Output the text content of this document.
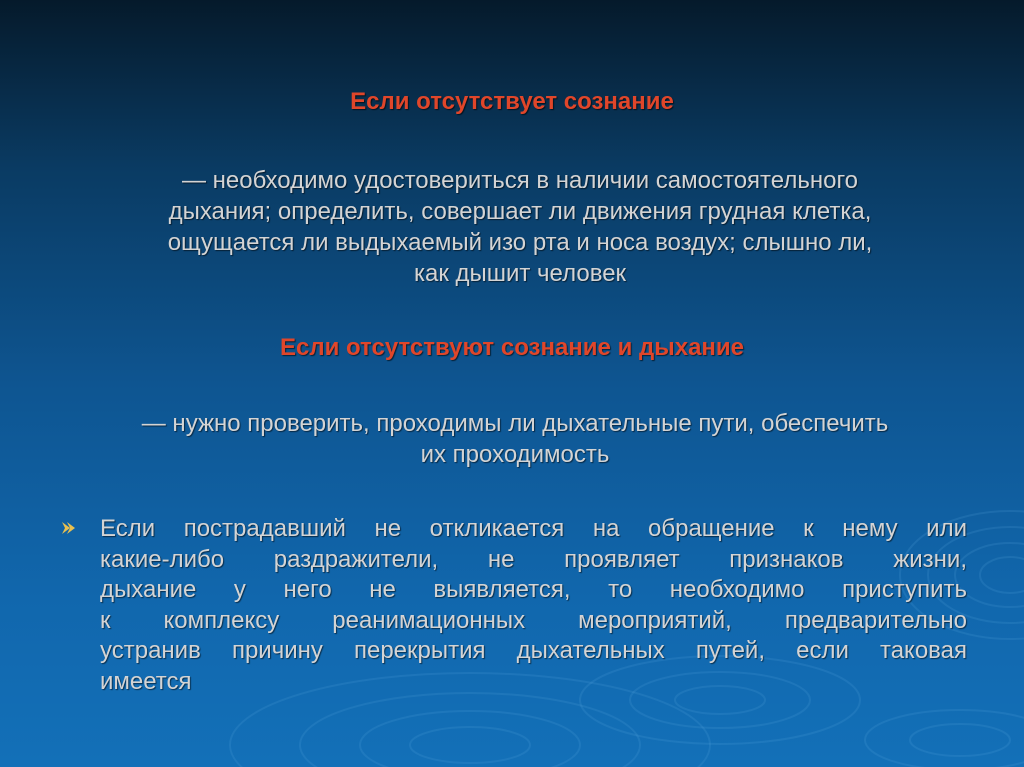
Если отсутствует сознание
— необходимо удостовериться в наличии самостоятельного
дыхания; определить, совершает ли движения грудная клетка,
ощущается ли выдыхаемый изо рта и носа воздух; слышно ли,
как дышит человек
Если отсутствуют сознание и дыхание
— нужно проверить, проходимы ли дыхательные пути, обеспечить
их проходимость
Если пострадавший не откликается на обращение к нему или
какие-либо раздражители, не проявляет признаков жизни,
дыхание у него не выявляется, то необходимо приступить
к комплексу реанимационных мероприятий, предварительно
устранив причину перекрытия дыхательных путей, если таковая
имеется
